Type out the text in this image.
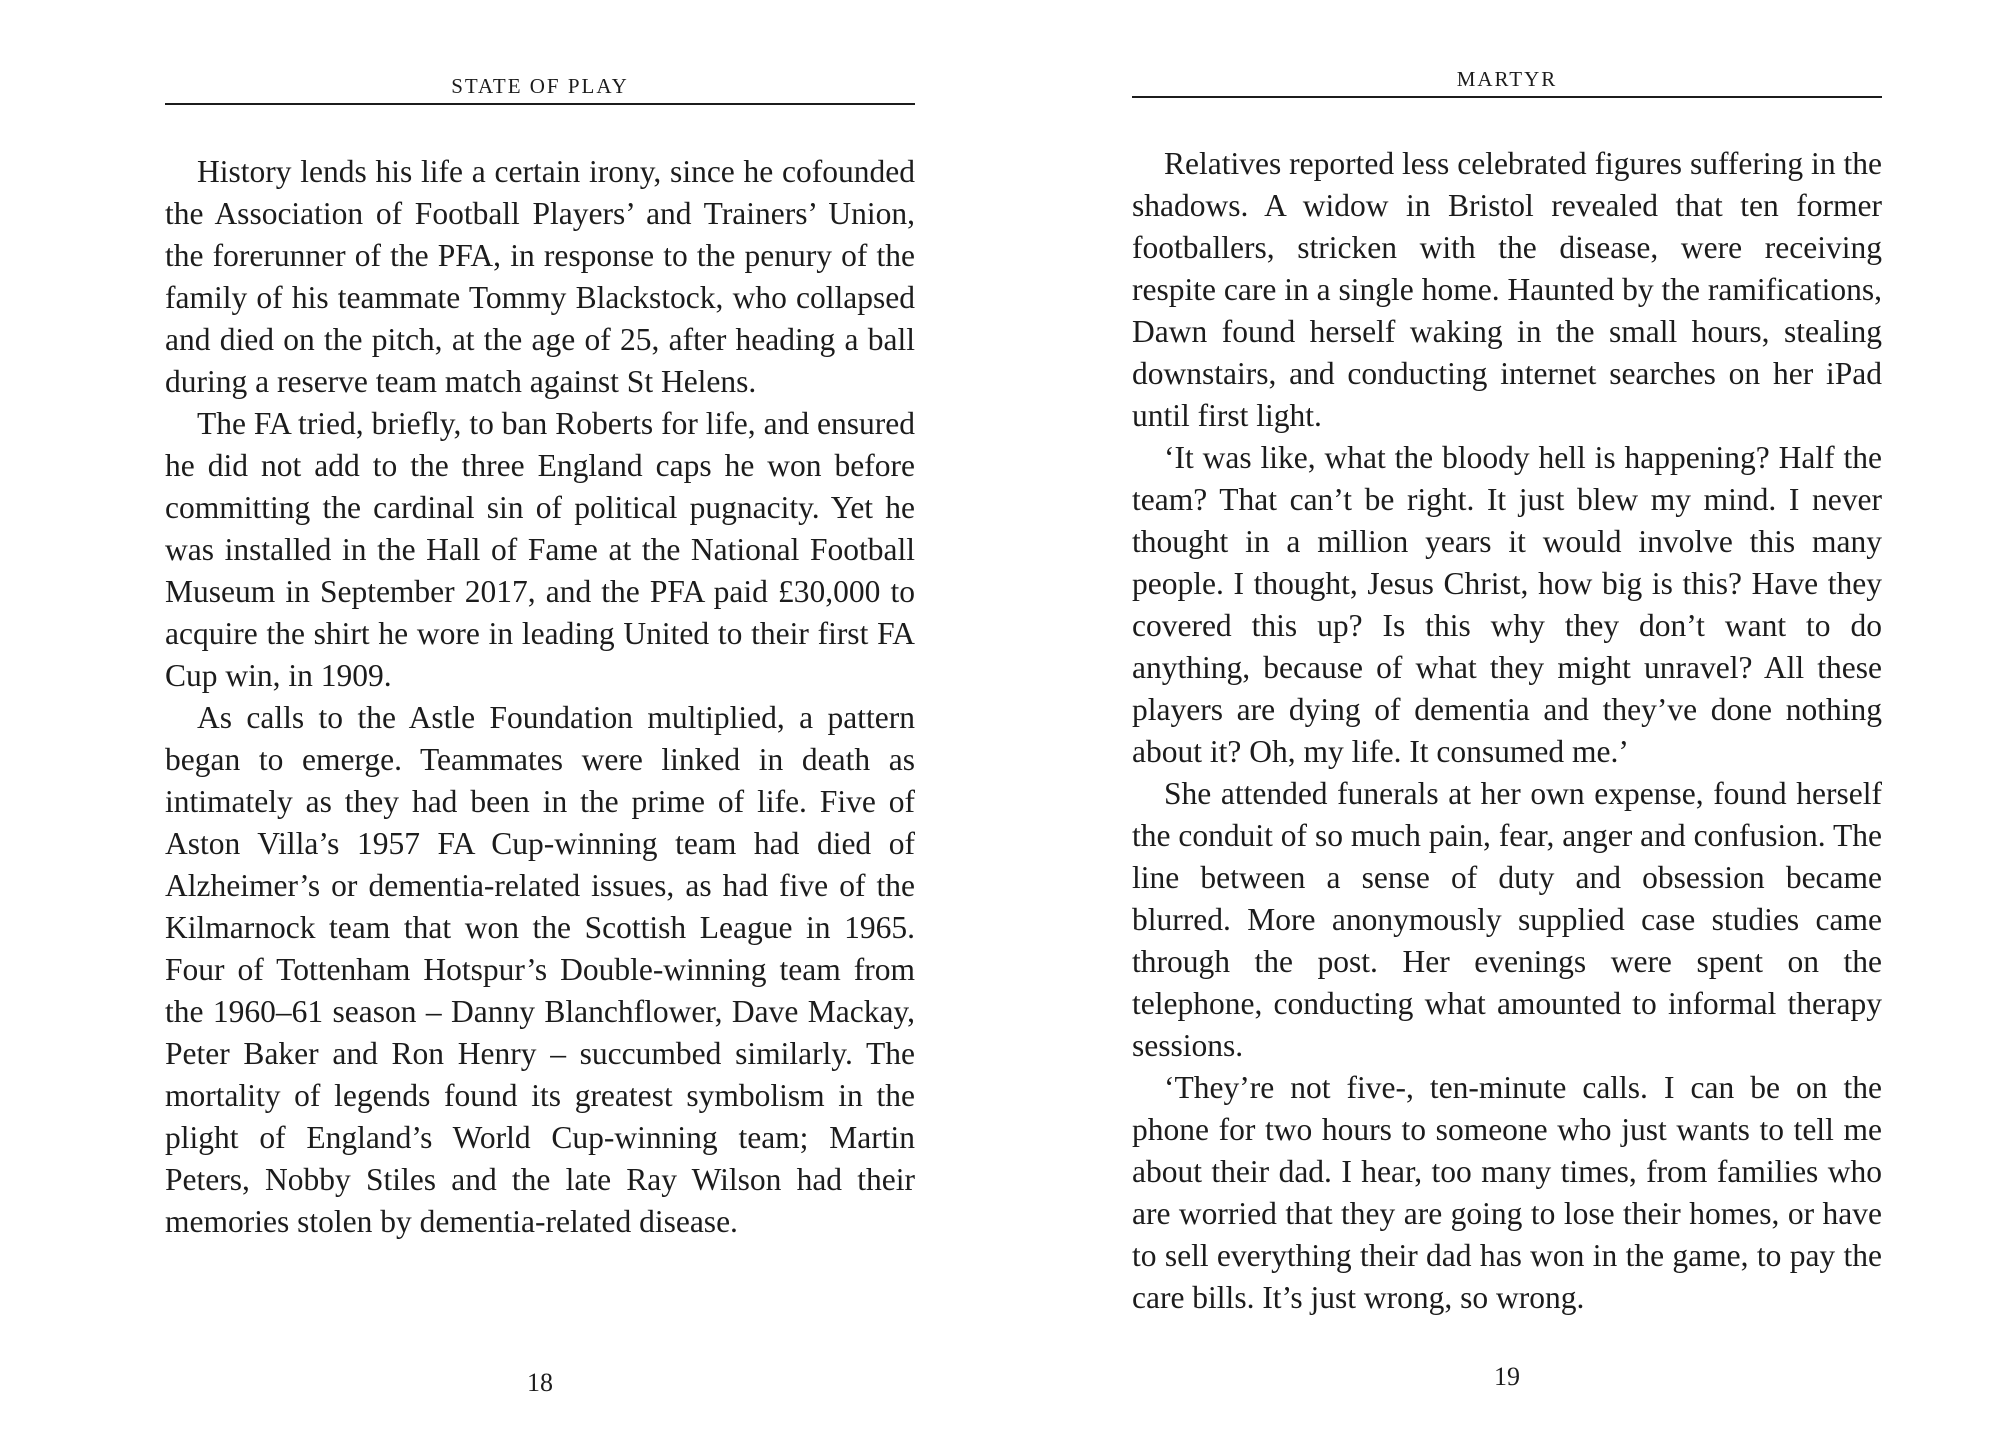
STATE OF PLAY

History lends his life a certain irony, since he cofounded the Association of Football Players’ and Trainers’ Union, the forerunner of the PFA, in response to the penury of the family of his teammate Tommy Blackstock, who collapsed and died on the pitch, at the age of 25, after heading a ball during a reserve team match against St Helens.

The FA tried, briefly, to ban Roberts for life, and ensured he did not add to the three England caps he won before committing the cardinal sin of political pugnacity. Yet he was installed in the Hall of Fame at the National Football Museum in September 2017, and the PFA paid £30,000 to acquire the shirt he wore in leading United to their first FA Cup win, in 1909.

As calls to the Astle Foundation multiplied, a pattern began to emerge. Teammates were linked in death as intimately as they had been in the prime of life. Five of Aston Villa’s 1957 FA Cup-winning team had died of Alzheimer’s or dementia-related issues, as had five of the Kilmarnock team that won the Scottish League in 1965. Four of Tottenham Hotspur’s Double-winning team from the 1960–61 season – Danny Blanchflower, Dave Mackay, Peter Baker and Ron Henry – succumbed similarly. The mortality of legends found its greatest symbolism in the plight of England’s World Cup-winning team; Martin Peters, Nobby Stiles and the late Ray Wilson had their memories stolen by dementia-related disease.

18
MARTYR

Relatives reported less celebrated figures suffering in the shadows. A widow in Bristol revealed that ten former footballers, stricken with the disease, were receiving respite care in a single home. Haunted by the ramifications, Dawn found herself waking in the small hours, stealing downstairs, and conducting internet searches on her iPad until first light.

‘It was like, what the bloody hell is happening? Half the team? That can’t be right. It just blew my mind. I never thought in a million years it would involve this many people. I thought, Jesus Christ, how big is this? Have they covered this up? Is this why they don’t want to do anything, because of what they might unravel? All these players are dying of dementia and they’ve done nothing about it? Oh, my life. It consumed me.’

She attended funerals at her own expense, found herself the conduit of so much pain, fear, anger and confusion. The line between a sense of duty and obsession became blurred. More anonymously supplied case studies came through the post. Her evenings were spent on the telephone, conducting what amounted to informal therapy sessions.

‘They’re not five-, ten-minute calls. I can be on the phone for two hours to someone who just wants to tell me about their dad. I hear, too many times, from families who are worried that they are going to lose their homes, or have to sell everything their dad has won in the game, to pay the care bills. It’s just wrong, so wrong.

19
